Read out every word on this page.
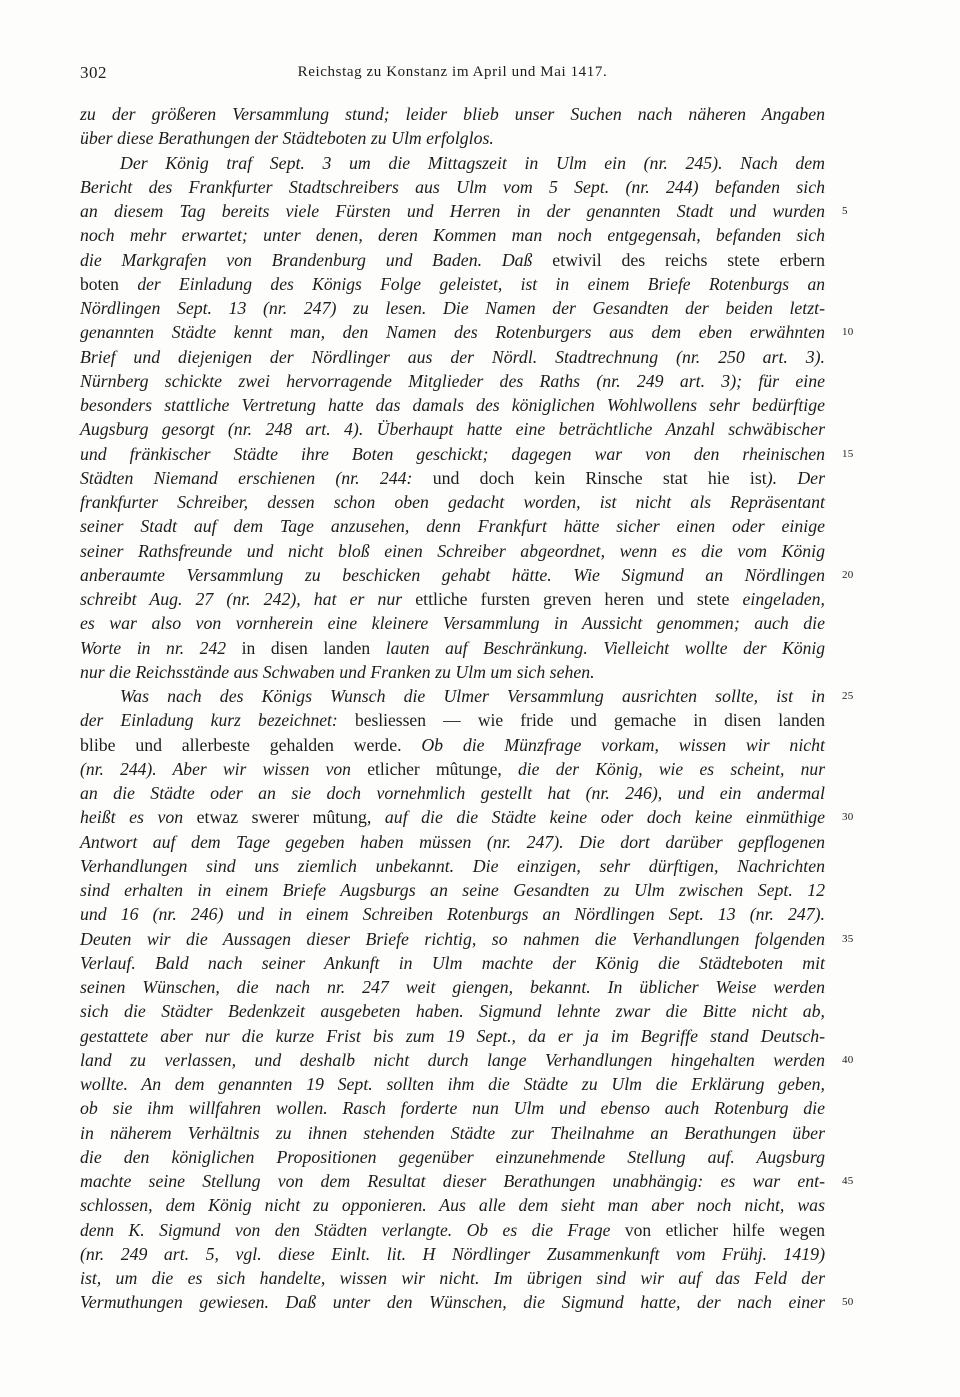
302	Reichstag zu Konstanz im April und Mai 1417.
zu der größeren Versammlung stund; leider blieb unser Suchen nach näheren Angaben
über diese Berathungen der Städteboten zu Ulm erfolglos.
Der König traf Sept. 3 um die Mittagszeit in Ulm ein (nr. 245). Nach dem
Bericht des Frankfurter Stadtschreibers aus Ulm vom 5 Sept. (nr. 244) befanden sich
an diesem Tag bereits viele Fürsten und Herren in der genannten Stadt und wurden 5
noch mehr erwartet; unter denen, deren Kommen man noch entgegensah, befanden sich
die Markgrafen von Brandenburg und Baden. Daß etwivil des reichs stete erbern
boten der Einladung des Königs Folge geleistet, ist in einem Briefe Rotenburgs an
Nördlingen Sept. 13 (nr. 247) zu lesen. Die Namen der Gesandten der beiden letzt-
genannten Städte kennt man, den Namen des Rotenburgers aus dem eben erwähnten 10
Brief und diejenigen der Nördlinger aus der Nördl. Stadtrechnung (nr. 250 art. 3).
Nürnberg schickte zwei hervorragende Mitglieder des Raths (nr. 249 art. 3); für eine
besonders stattliche Vertretung hatte das damals des königlichen Wohlwollens sehr bedürftige
Augsburg gesorgt (nr. 248 art. 4). Überhaupt hatte eine beträchtliche Anzahl schwäbischer
und fränkischer Städte ihre Boten geschickt; dagegen war von den rheinischen 15
Städten Niemand erschienen (nr. 244: und doch kein Rinsche stat hie ist). Der
frankfurter Schreiber, dessen schon oben gedacht worden, ist nicht als Repräsentant
seiner Stadt auf dem Tage anzusehen, denn Frankfurt hätte sicher einen oder einige
seiner Rathsfreunde und nicht bloß einen Schreiber abgeordnet, wenn es die vom König
anberaumte Versammlung zu beschicken gehabt hätte. Wie Sigmund an Nördlingen 20
schreibt Aug. 27 (nr. 242), hat er nur ettliche fursten greven heren und stete eingeladen,
es war also von vornherein eine kleinere Versammlung in Aussicht genommen; auch die
Worte in nr. 242 in disen landen lauten auf Beschränkung. Vielleicht wollte der König
nur die Reichsstände aus Schwaben und Franken zu Ulm um sich sehen.
Was nach des Königs Wunsch die Ulmer Versammlung ausrichten sollte, ist in 25
der Einladung kurz bezeichnet: besliessen — wie fride und gemache in disen landen
blibe und allerbeste gehalden werde. Ob die Münzfrage vorkam, wissen wir nicht
(nr. 244). Aber wir wissen von etlicher mûtunge, die der König, wie es scheint, nur
an die Städte oder an sie doch vornehmlich gestellt hat (nr. 246), und ein andermal
heißt es von etwaz swerer mûtung, auf die die Städte keine oder doch keine einmüthige 30
Antwort auf dem Tage gegeben haben müssen (nr. 247). Die dort darüber gepflogenen
Verhandlungen sind uns ziemlich unbekannt. Die einzigen, sehr dürftigen, Nachrichten
sind erhalten in einem Briefe Augsburgs an seine Gesandten zu Ulm zwischen Sept. 12
und 16 (nr. 246) und in einem Schreiben Rotenburgs an Nördlingen Sept. 13 (nr. 247).
Deuten wir die Aussagen dieser Briefe richtig, so nahmen die Verhandlungen folgenden 35
Verlauf. Bald nach seiner Ankunft in Ulm machte der König die Städteboten mit
seinen Wünschen, die nach nr. 247 weit giengen, bekannt. In üblicher Weise werden
sich die Städter Bedenkzeit ausgebeten haben. Sigmund lehnte zwar die Bitte nicht ab,
gestattete aber nur die kurze Frist bis zum 19 Sept., da er ja im Begriffe stand Deutsch-
land zu verlassen, und deshalb nicht durch lange Verhandlungen hingehalten werden 40
wollte. An dem genannten 19 Sept. sollten ihm die Städte zu Ulm die Erklärung geben,
ob sie ihm willfahren wollen. Rasch forderte nun Ulm und ebenso auch Rotenburg die
in näherem Verhältnis zu ihnen stehenden Städte zur Theilnahme an Berathungen über
die den königlichen Propositionen gegenüber einzunehmende Stellung auf. Augsburg
machte seine Stellung von dem Resultat dieser Berathungen unabhängig: es war ent- 45
schlossen, dem König nicht zu opponieren. Aus alle dem sieht man aber noch nicht, was
denn K. Sigmund von den Städten verlangte. Ob es die Frage von etlicher hilfe wegen
(nr. 249 art. 5, vgl. diese Einlt. lit. H Nördlinger Zusammenkunft vom Frühj. 1419)
ist, um die es sich handelte, wissen wir nicht. Im übrigen sind wir auf das Feld der
Vermuthungen gewiesen. Daß unter den Wünschen, die Sigmund hatte, der nach einer 50
